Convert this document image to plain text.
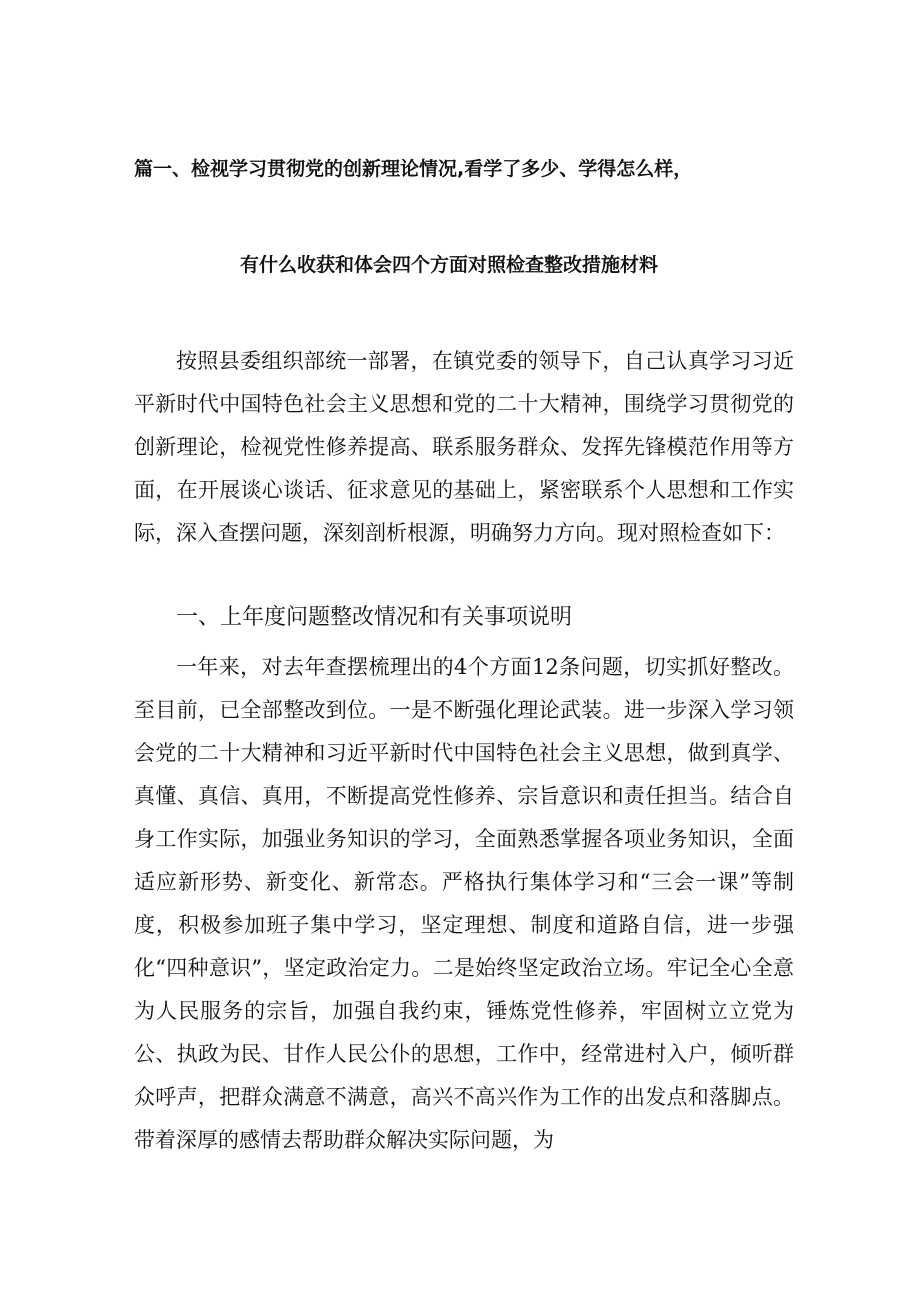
篇一、检视学习贯彻党的创新理论情况,看学了多少、学得怎么样，
有什么收获和体会四个方面对照检查整改措施材料

按照县委组织部统一部署，在镇党委的领导下，自己认真学习习近平新时代中国特色社会主义思想和党的二十大精神，围绕学习贯彻党的创新理论，检视党性修养提高、联系服务群众、发挥先锋模范作用等方面，在开展谈心谈话、征求意见的基础上，紧密联系个人思想和工作实际，深入查摆问题，深刻剖析根源，明确努力方向。现对照检查如下：

一、上年度问题整改情况和有关事项说明

一年来，对去年查摆梳理出的4个方面12条问题，切实抓好整改。至目前，已全部整改到位。一是不断强化理论武装。进一步深入学习领会党的二十大精神和习近平新时代中国特色社会主义思想，做到真学、真懂、真信、真用，不断提高党性修养、宗旨意识和责任担当。结合自身工作实际，加强业务知识的学习，全面熟悉掌握各项业务知识，全面适应新形势、新变化、新常态。严格执行集体学习和“三会一课”等制度，积极参加班子集中学习，坚定理想、制度和道路自信，进一步强化“四种意识”，坚定政治定力。二是始终坚定政治立场。牢记全心全意为人民服务的宗旨，加强自我约束，锤炼党性修养，牢固树立立党为公、执政为民、甘作人民公仆的思想，工作中，经常进村入户，倾听群众呼声，把群众满意不满意，高兴不高兴作为工作的出发点和落脚点。带着深厚的感情去帮助群众解决实际问题，为
